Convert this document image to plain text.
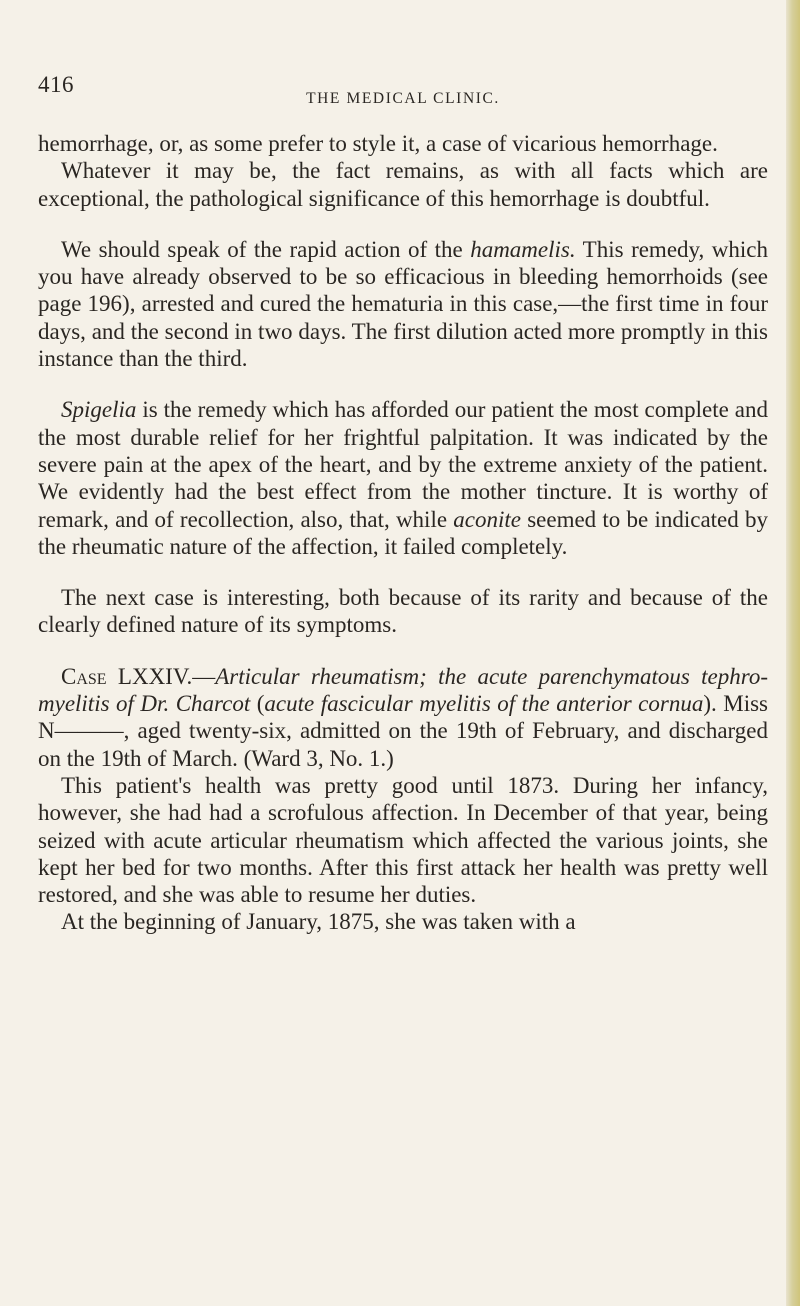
416
THE MEDICAL CLINIC.

hemorrhage, or, as some prefer to style it, a case of vicarious hemorrhage.

Whatever it may be, the fact remains, as with all facts which are exceptional, the pathological significance of this hemorrhage is doubtful.

We should speak of the rapid action of the hamamelis. This remedy, which you have already observed to be so efficacious in bleeding hemorrhoids (see page 196), arrested and cured the hematuria in this case,—the first time in four days, and the second in two days. The first dilution acted more promptly in this instance than the third.

Spigelia is the remedy which has afforded our patient the most complete and the most durable relief for her frightful palpitation. It was indicated by the severe pain at the apex of the heart, and by the extreme anxiety of the patient. We evidently had the best effect from the mother tincture. It is worthy of remark, and of recollection, also, that, while aconite seemed to be indicated by the rheumatic nature of the affection, it failed completely.

The next case is interesting, both because of its rarity and because of the clearly defined nature of its symptoms.

Case LXXIV.—Articular rheumatism; the acute parenchymatous tephro-myelitis of Dr. Charcot (acute fascicular myelitis of the anterior cornua). Miss N———, aged twenty-six, admitted on the 19th of February, and discharged on the 19th of March. (Ward 3, No. 1.)

This patient's health was pretty good until 1873. During her infancy, however, she had had a scrofulous affection. In December of that year, being seized with acute articular rheumatism which affected the various joints, she kept her bed for two months. After this first attack her health was pretty well restored, and she was able to resume her duties.

At the beginning of January, 1875, she was taken with a
